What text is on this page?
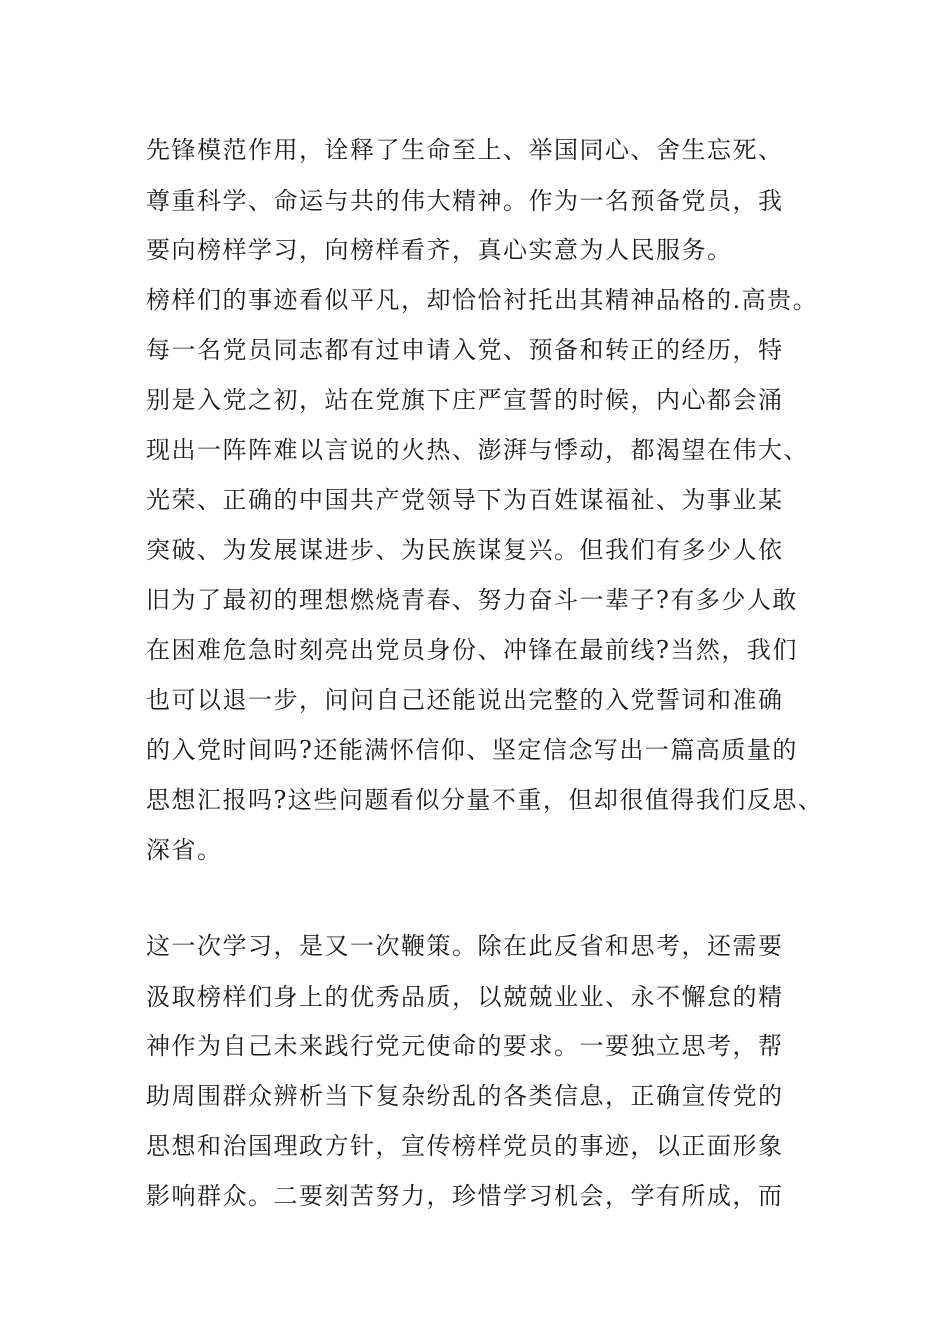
先锋模范作用，诠释了生命至上、举国同心、舍生忘死、
尊重科学、命运与共的伟大精神。作为一名预备党员，我
要向榜样学习，向榜样看齐，真心实意为人民服务。
榜样们的事迹看似平凡，却恰恰衬托出其精神品格的.高贵。
每一名党员同志都有过申请入党、预备和转正的经历，特
别是入党之初，站在党旗下庄严宣誓的时候，内心都会涌
现出一阵阵难以言说的火热、澎湃与悸动，都渴望在伟大、
光荣、正确的中国共产党领导下为百姓谋福祉、为事业某
突破、为发展谋进步、为民族谋复兴。但我们有多少人依
旧为了最初的理想燃烧青春、努力奋斗一辈子?有多少人敢
在困难危急时刻亮出党员身份、冲锋在最前线?当然，我们
也可以退一步，问问自己还能说出完整的入党誓词和准确
的入党时间吗?还能满怀信仰、坚定信念写出一篇高质量的
思想汇报吗?这些问题看似分量不重，但却很值得我们反思、
深省。
这一次学习，是又一次鞭策。除在此反省和思考，还需要
汲取榜样们身上的优秀品质，以兢兢业业、永不懈怠的精
神作为自己未来践行党元使命的要求。一要独立思考，帮
助周围群众辨析当下复杂纷乱的各类信息，正确宣传党的
思想和治国理政方针，宣传榜样党员的事迹，以正面形象
影响群众。二要刻苦努力，珍惜学习机会，学有所成，而
